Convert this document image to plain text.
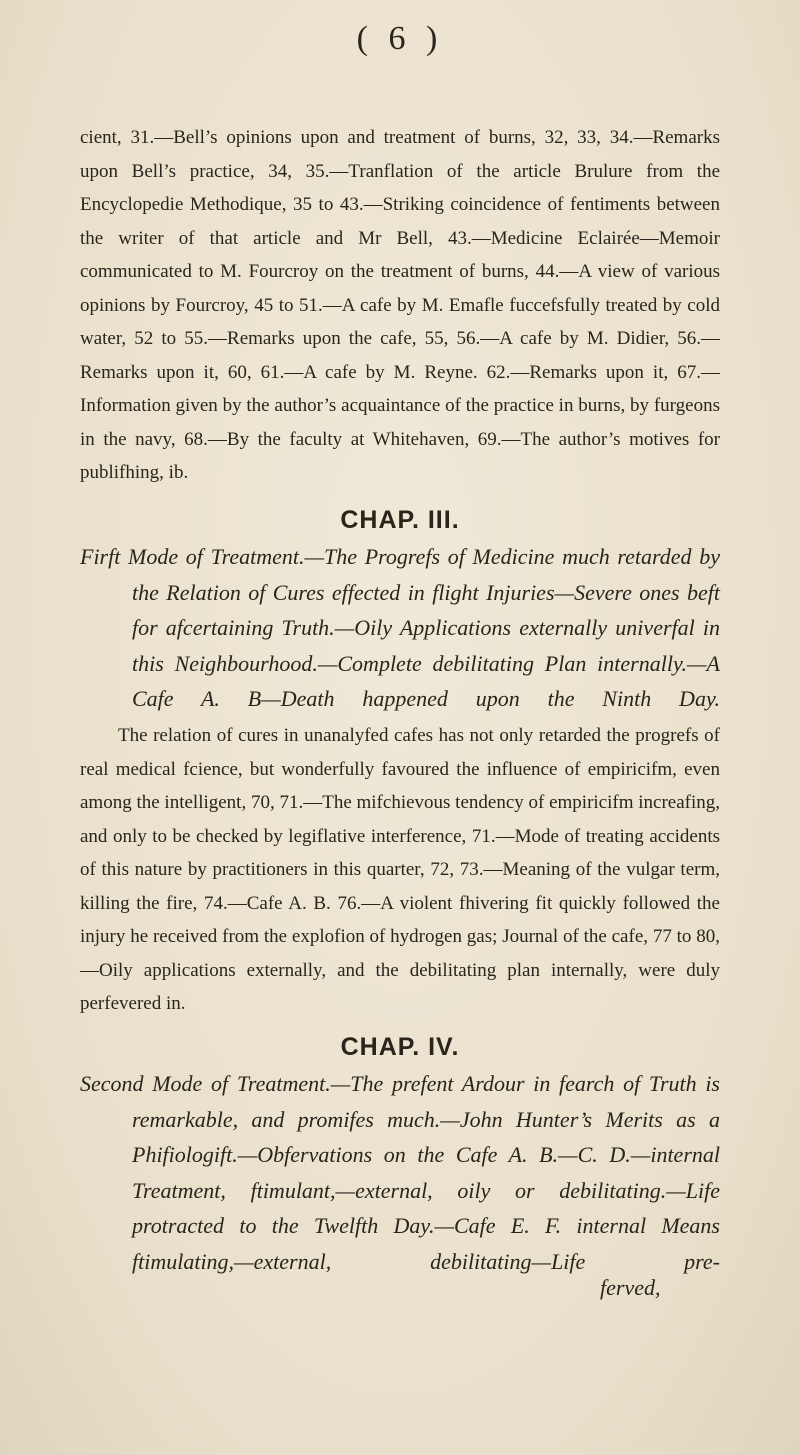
( 6 )

cient, 31.—Bell’s opinions upon and treatment of burns, 32, 33, 34.—Remarks upon Bell’s practice, 34, 35.—Tranflation of the article Brulure from the Encyclopedie Methodique, 35 to 43.—Striking coincidence of fentiments between the writer of that article and Mr Bell, 43.—Medicine Eclairée—Memoir communicated to M. Fourcroy on the treatment of burns, 44.—A view of various opinions by Fourcroy, 45 to 51.—A cafe by M. Emafle fuccefsfully treated by cold water, 52 to 55.—Remarks upon the cafe, 55, 56.—A cafe by M. Didier, 56.—Remarks upon it, 60, 61.—A cafe by M. Reyne. 62.—Remarks upon it, 67.—Information given by the author’s acquaintance of the practice in burns, by furgeons in the navy, 68.—By the faculty at Whitehaven, 69.—The author’s motives for publifhing, ib.

CHAP. III.

Firft Mode of Treatment.—The Progrefs of Medicine much retarded by the Relation of Cures effected in flight Injuries—Severe ones beft for afcertaining Truth.—Oily Applications externally univerfal in this Neighbourhood.—Complete debilitating Plan internally.—A Cafe A. B—Death happened upon the Ninth Day.

The relation of cures in unanalyfed cafes has not only retarded the progrefs of real medical fcience, but wonderfully favoured the influence of empiricifm, even among the intelligent, 70, 71.—The mifchievous tendency of empiricifm increafing, and only to be checked by legiflative interference, 71.—Mode of treating accidents of this nature by practitioners in this quarter, 72, 73.—Meaning of the vulgar term, killing the fire, 74.—Cafe A. B. 76.—A violent fhivering fit quickly followed the injury he received from the explofion of hydrogen gas; Journal of the cafe, 77 to 80, —Oily applications externally, and the debilitating plan internally, were duly perfevered in.

CHAP. IV.

Second Mode of Treatment.—The prefent Ardour in fearch of Truth is remarkable, and promifes much.—John Hunter’s Merits as a Phifiologift.—Obfervations on the Cafe A. B.—C. D.—internal Treatment, ftimulant,—external, oily or debilitating.—Life protracted to the Twelfth Day.—Cafe E. F. internal Means ftimulating,—external, debilitating—Life pre-

ferved,
